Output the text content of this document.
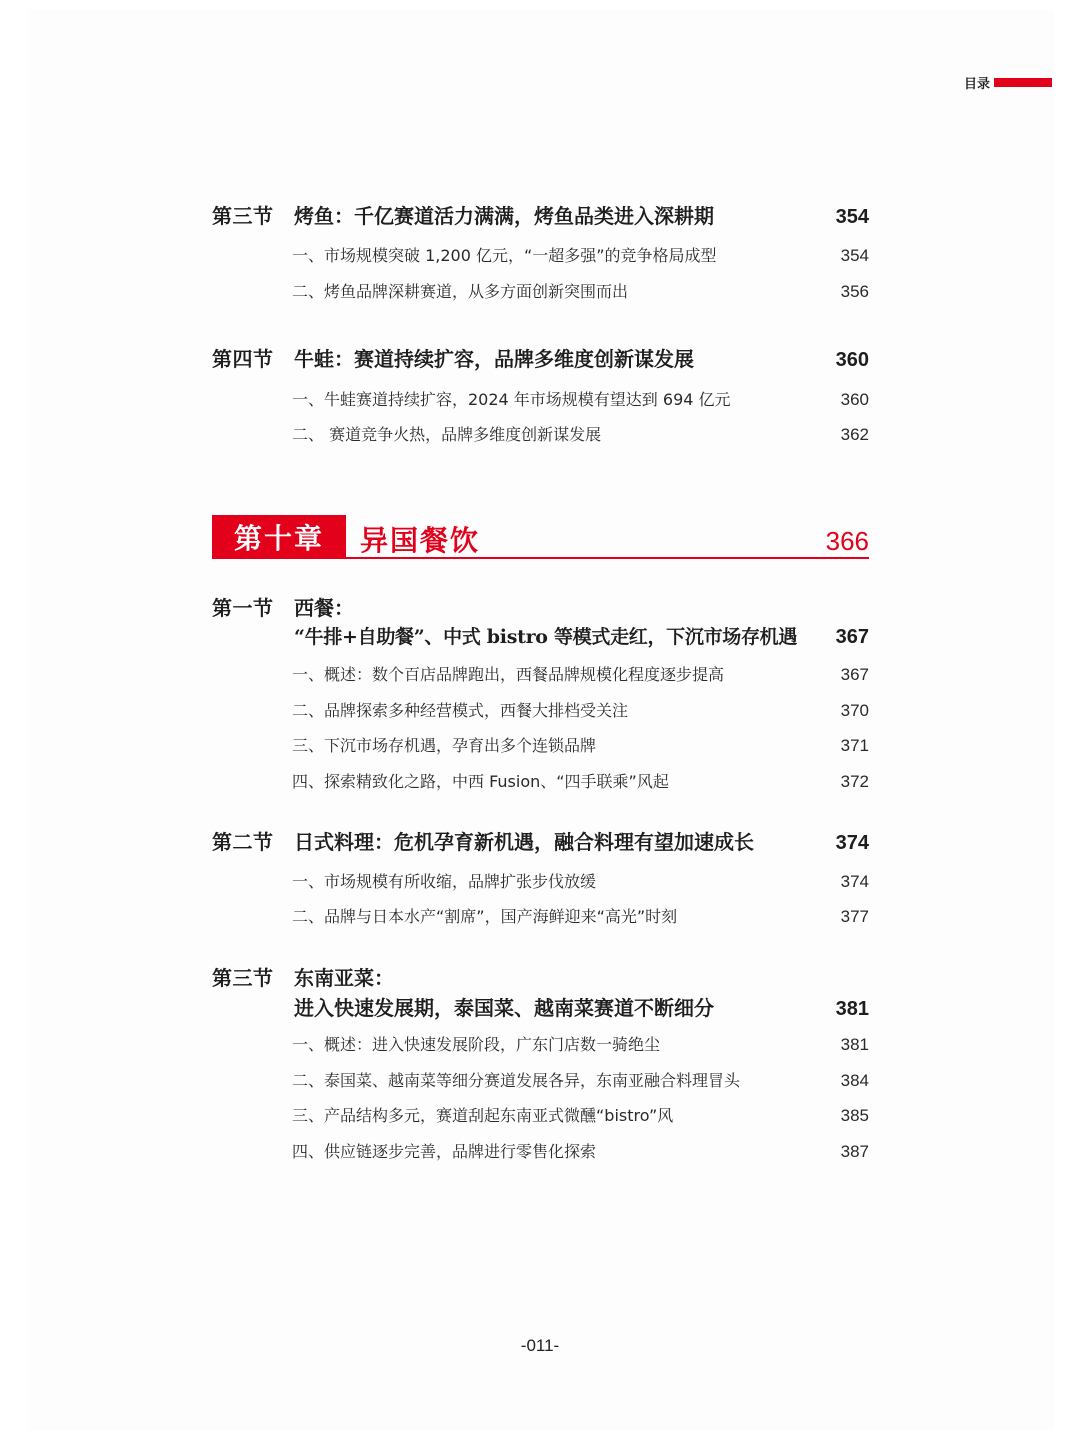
目录
第三节	烤鱼：千亿赛道活力满满，烤鱼品类进入深耕期	354
一、市场规模突破 1,200 亿元，“一超多强”的竞争格局成型	354
二、烤鱼品牌深耕赛道，从多方面创新突围而出	356
第四节	牛蛙：赛道持续扩容，品牌多维度创新谋发展	360
一、牛蛙赛道持续扩容，2024 年市场规模有望达到 694 亿元	360
二、 赛道竞争火热，品牌多维度创新谋发展	362
第十章	异国餐饮	366
第一节	西餐：
“牛排+自助餐”、中式 bistro 等模式走红，下沉市场存机遇	367
一、概述：数个百店品牌跑出，西餐品牌规模化程度逐步提高	367
二、品牌探索多种经营模式，西餐大排档受关注	370
三、下沉市场存机遇，孕育出多个连锁品牌	371
四、探索精致化之路，中西 Fusion、“四手联乘”风起	372
第二节	日式料理：危机孕育新机遇，融合料理有望加速成长	374
一、市场规模有所收缩，品牌扩张步伐放缓	374
二、品牌与日本水产“割席”，国产海鲜迎来“高光”时刻	377
第三节	东南亚菜：
进入快速发展期，泰国菜、越南菜赛道不断细分	381
一、概述：进入快速发展阶段，广东门店数一骑绝尘	381
二、泰国菜、越南菜等细分赛道发展各异，东南亚融合料理冒头	384
三、产品结构多元，赛道刮起东南亚式微醺“bistro”风	385
四、供应链逐步完善，品牌进行零售化探索	387
-011-
